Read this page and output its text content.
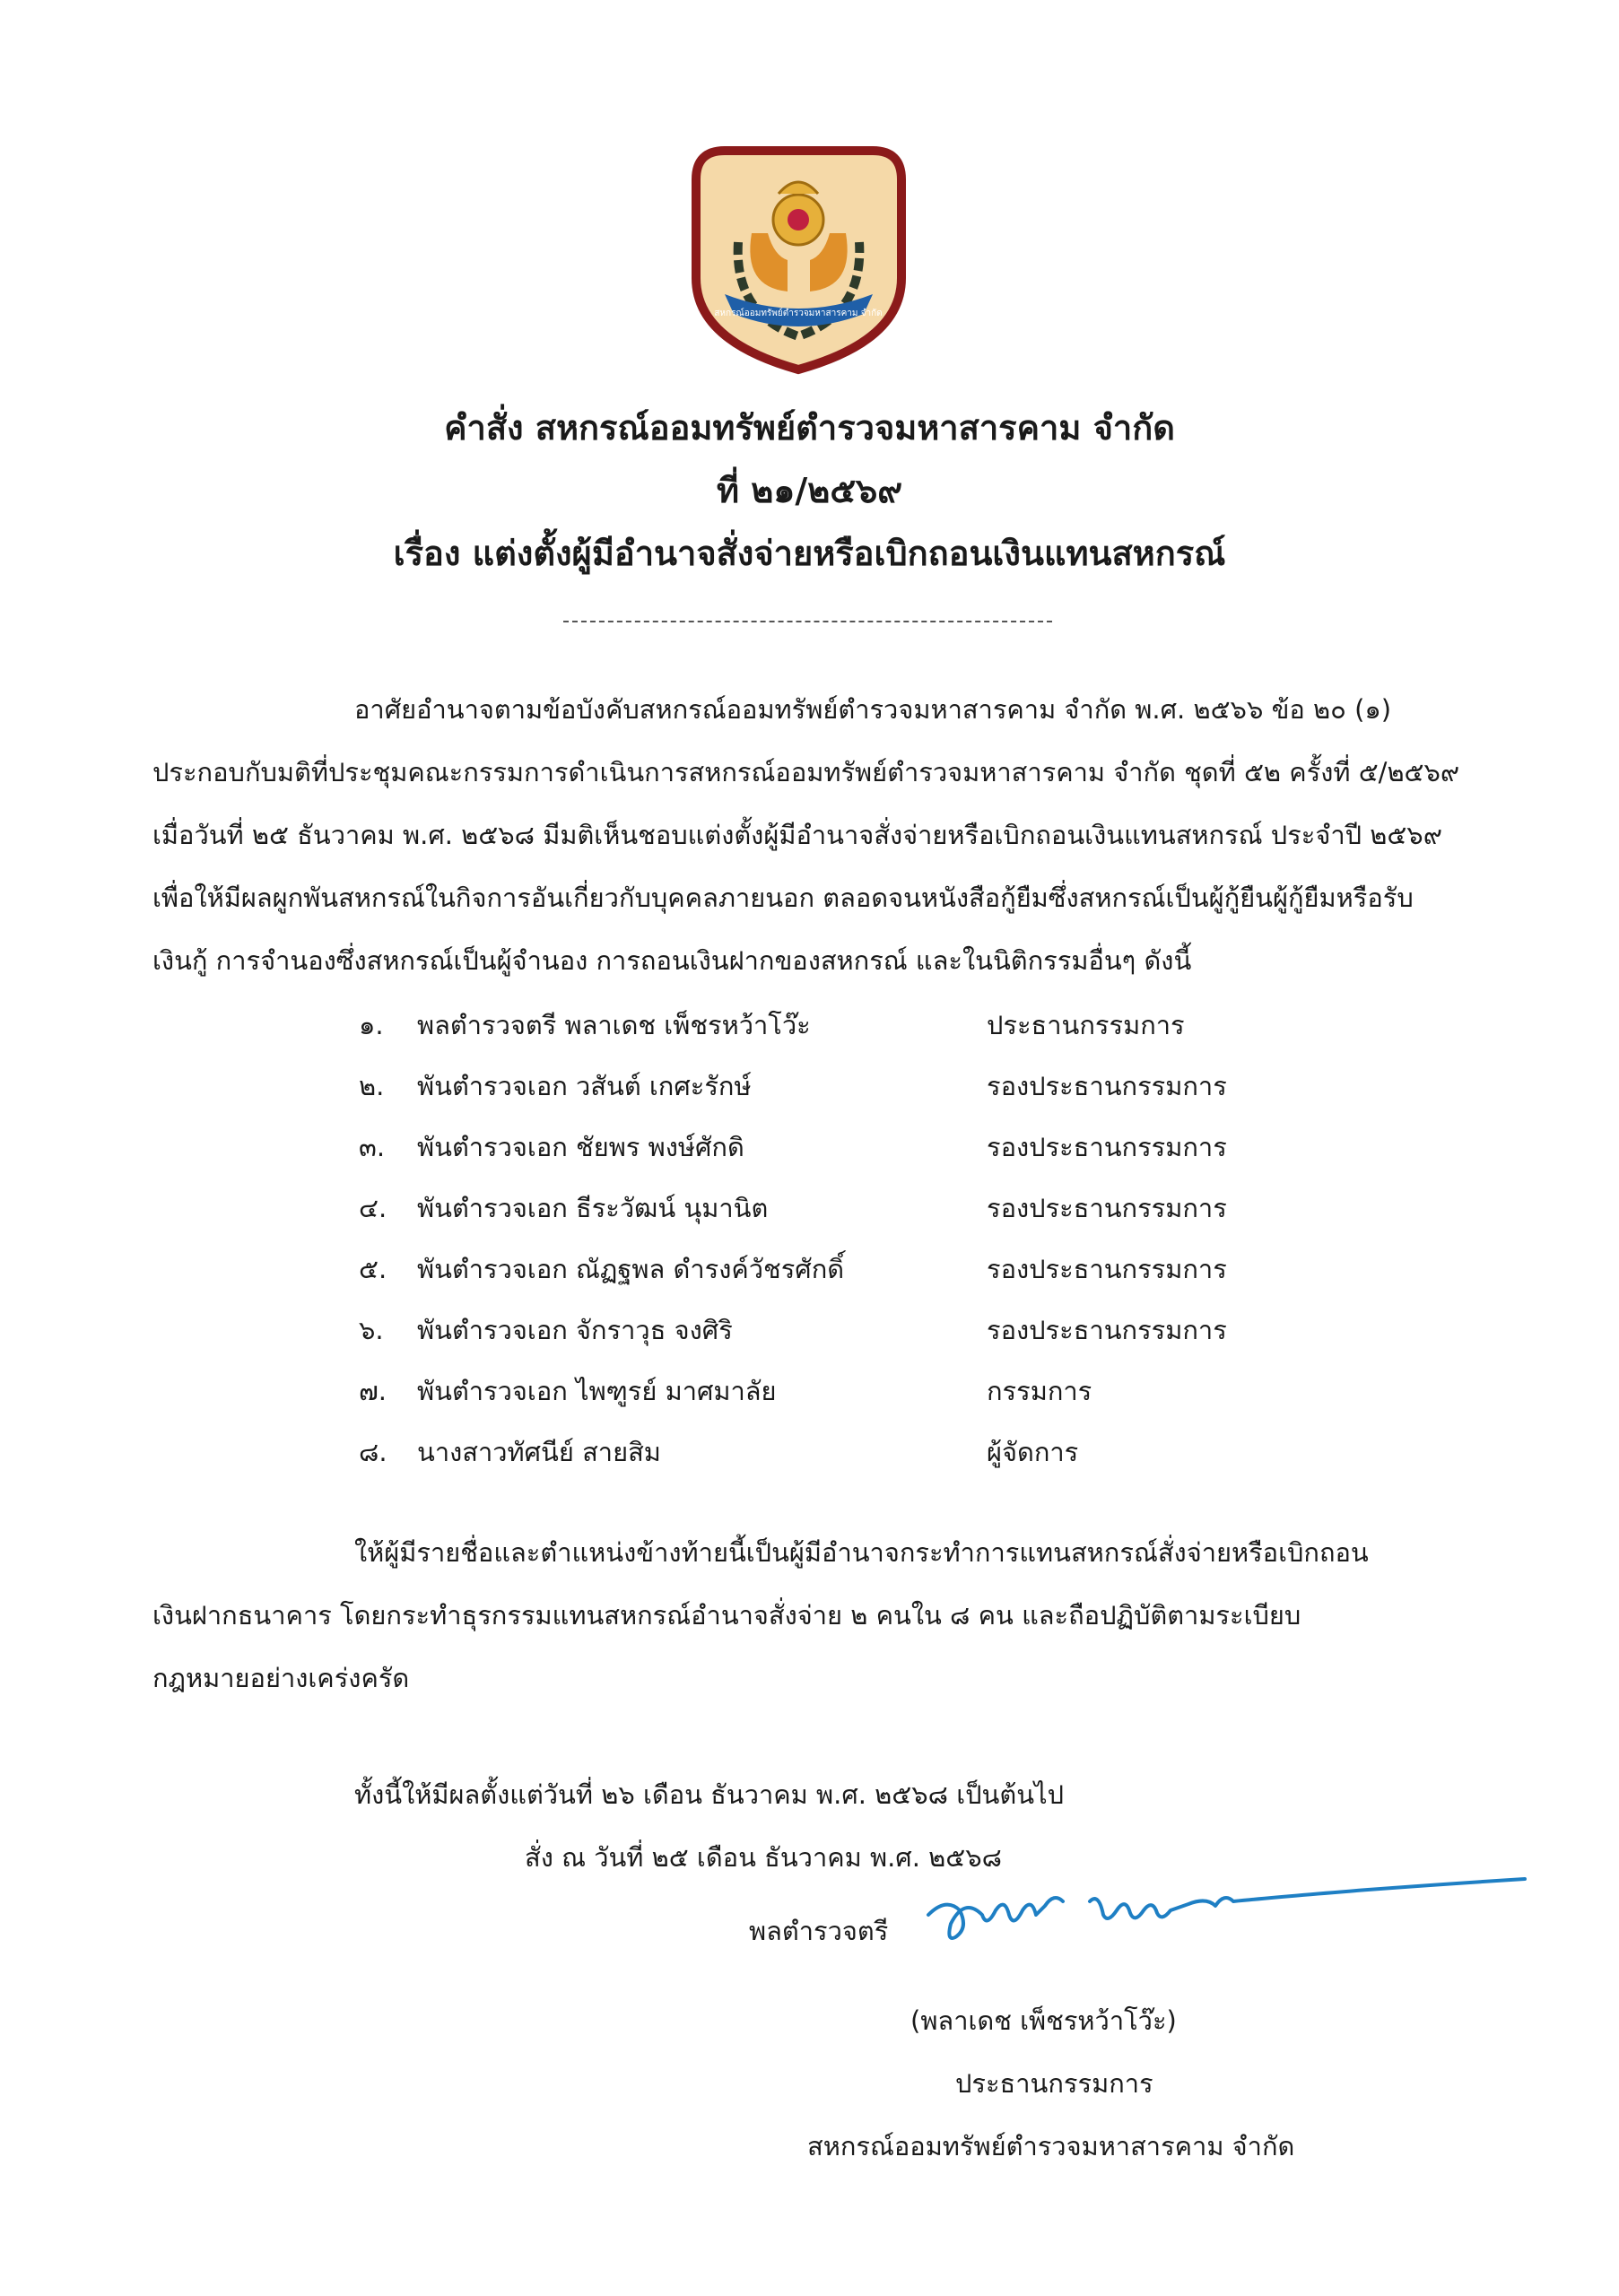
สหกรณ์ออมทรัพย์ตำรวจมหาสารคาม จำกัด
คำสั่ง สหกรณ์ออมทรัพย์ตำรวจมหาสารคาม จำกัด
ที่ ๒๑/๒๕๖๙
เรื่อง แต่งตั้งผู้มีอำนาจสั่งจ่ายหรือเบิกถอนเงินแทนสหกรณ์
อาศัยอำนาจตามข้อบังคับสหกรณ์ออมทรัพย์ตำรวจมหาสารคาม จำกัด พ.ศ. ๒๕๖๖ ข้อ ๒๐ (๑)
ประกอบกับมติที่ประชุมคณะกรรมการดำเนินการสหกรณ์ออมทรัพย์ตำรวจมหาสารคาม จำกัด ชุดที่ ๕๒ ครั้งที่ ๕/๒๕๖๙
เมื่อวันที่ ๒๕ ธันวาคม พ.ศ. ๒๕๖๘ มีมติเห็นชอบแต่งตั้งผู้มีอำนาจสั่งจ่ายหรือเบิกถอนเงินแทนสหกรณ์ ประจำปี ๒๕๖๙
เพื่อให้มีผลผูกพันสหกรณ์ในกิจการอันเกี่ยวกับบุคคลภายนอก ตลอดจนหนังสือกู้ยืมซึ่งสหกรณ์เป็นผู้กู้ยืนผู้กู้ยืมหรือรับ
เงินกู้ การจำนองซึ่งสหกรณ์เป็นผู้จำนอง การถอนเงินฝากของสหกรณ์ และในนิติกรรมอื่นๆ ดังนี้
๑. พลตำรวจตรี พลาเดช เพ็ชรหว้าโว๊ะ	ประธานกรรมการ
๒. พันตำรวจเอก วสันต์ เกศะรักษ์	รองประธานกรรมการ
๓. พันตำรวจเอก ชัยพร พงษ์ศักดิ	รองประธานกรรมการ
๔. พันตำรวจเอก ธีระวัฒน์ นุมานิต	รองประธานกรรมการ
๕. พันตำรวจเอก ณัฏฐพล ดำรงค์วัชรศักดิ์	รองประธานกรรมการ
๖. พันตำรวจเอก จักราวุธ จงศิริ	รองประธานกรรมการ
๗. พันตำรวจเอก ไพฑูรย์ มาศมาลัย	กรรมการ
๘. นางสาวทัศนีย์ สายสิม	ผู้จัดการ
ให้ผู้มีรายชื่อและตำแหน่งข้างท้ายนี้เป็นผู้มีอำนาจกระทำการแทนสหกรณ์สั่งจ่ายหรือเบิกถอน
เงินฝากธนาคาร โดยกระทำธุรกรรมแทนสหกรณ์อำนาจสั่งจ่าย ๒ คนใน ๘ คน และถือปฏิบัติตามระเบียบ
กฎหมายอย่างเคร่งครัด
ทั้งนี้ให้มีผลตั้งแต่วันที่ ๒๖ เดือน ธันวาคม พ.ศ. ๒๕๖๘ เป็นต้นไป
สั่ง ณ วันที่ ๒๕ เดือน ธันวาคม พ.ศ. ๒๕๖๘
พลตำรวจตรี
(พลาเดช เพ็ชรหว้าโว๊ะ)
ประธานกรรมการ
สหกรณ์ออมทรัพย์ตำรวจมหาสารคาม จำกัด
